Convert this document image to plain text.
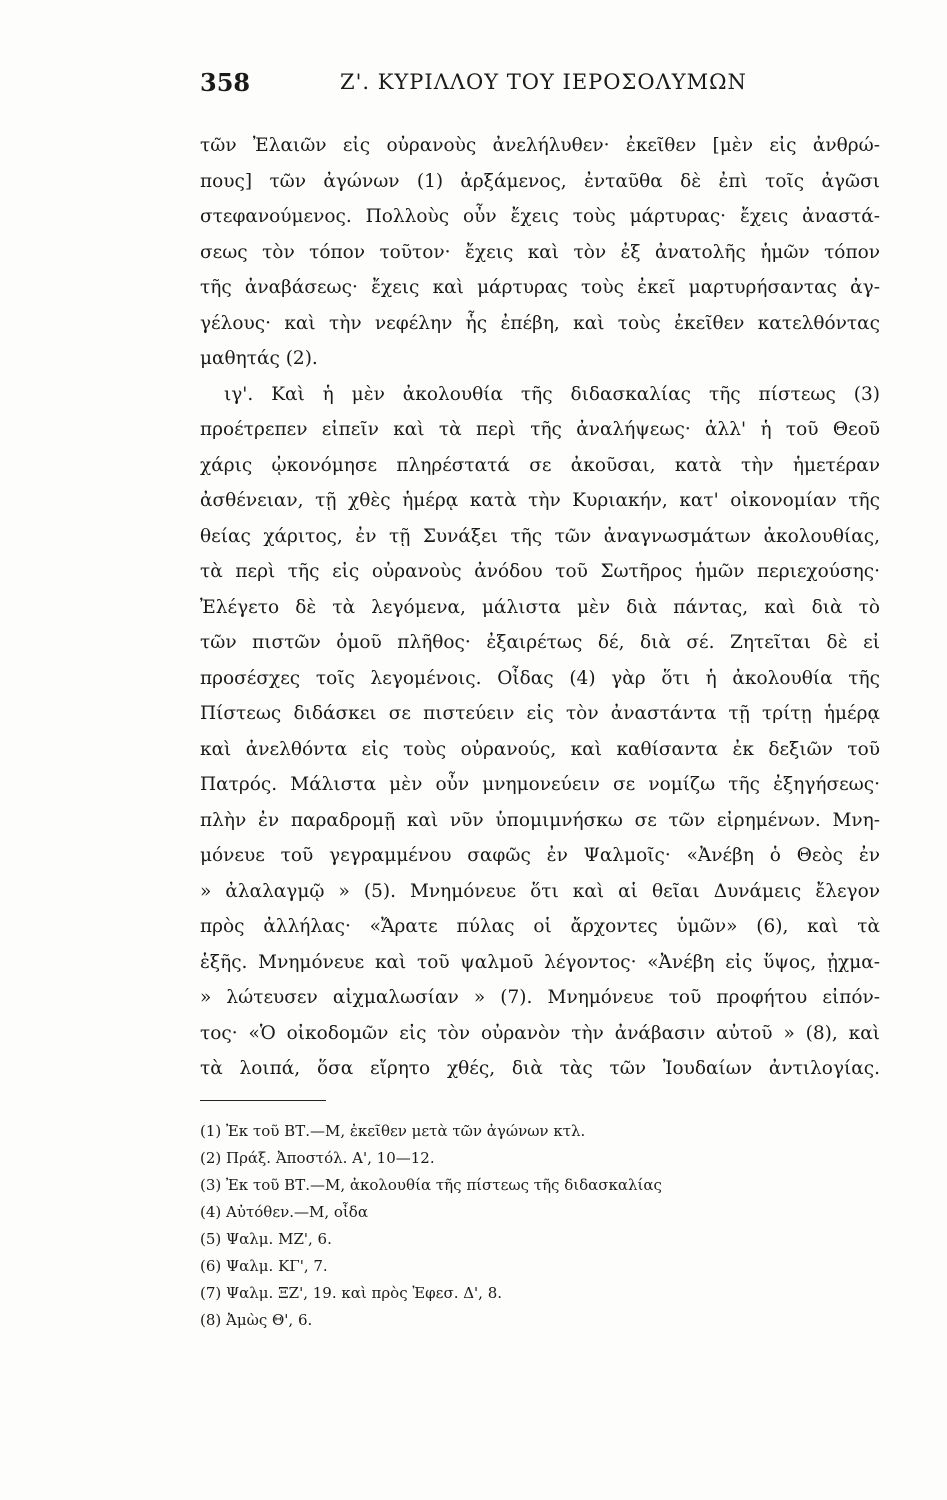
358	Ζ'. ΚΥΡΙΛΛΟΥ ΤΟΥ ΙΕΡΟΣΟΛΥΜΩΝ
τῶν Ἐλαιῶν εἰς οὐρανοὺς ἀνελήλυθεν· ἐκεῖθεν [μὲν εἰς ἀνθρώ-
πους] τῶν ἀγώνων (1) ἀρξάμενος, ἐνταῦθα δὲ ἐπὶ τοῖς ἀγῶσι
στεφανούμενος. Πολλοὺς οὖν ἔχεις τοὺς μάρτυρας· ἔχεις ἀναστά-
σεως τὸν τόπον τοῦτον· ἔχεις καὶ τὸν ἐξ ἀνατολῆς ἡμῶν τόπον
τῆς ἀναβάσεως· ἔχεις καὶ μάρτυρας τοὺς ἐκεῖ μαρτυρήσαντας ἀγ-
γέλους· καὶ τὴν νεφέλην ἧς ἐπέβη, καὶ τοὺς ἐκεῖθεν κατελθόντας
μαθητάς (2).
ιγ'. Καὶ ἡ μὲν ἀκολουθία τῆς διδασκαλίας τῆς πίστεως (3)
προέτρεπεν εἰπεῖν καὶ τὰ περὶ τῆς ἀναλήψεως· ἀλλ' ἡ τοῦ Θεοῦ
χάρις ᾠκονόμησε πληρέστατά σε ἀκοῦσαι, κατὰ τὴν ἡμετέραν
ἀσθένειαν, τῇ χθὲς ἡμέρᾳ κατὰ τὴν Κυριακήν, κατ' οἰκονομίαν τῆς
θείας χάριτος, ἐν τῇ Συνάξει τῆς τῶν ἀναγνωσμάτων ἀκολουθίας,
τὰ περὶ τῆς εἰς οὐρανοὺς ἀνόδου τοῦ Σωτῆρος ἡμῶν περιεχούσης·
Ἐλέγετο δὲ τὰ λεγόμενα, μάλιστα μὲν διὰ πάντας, καὶ διὰ τὸ
τῶν πιστῶν ὁμοῦ πλῆθος· ἐξαιρέτως δέ, διὰ σέ. Ζητεῖται δὲ εἰ
προσέσχες τοῖς λεγομένοις. Οἶδας (4) γὰρ ὅτι ἡ ἀκολουθία τῆς
Πίστεως διδάσκει σε πιστεύειν εἰς τὸν ἀναστάντα τῇ τρίτῃ ἡμέρᾳ
καὶ ἀνελθόντα εἰς τοὺς οὐρανούς, καὶ καθίσαντα ἐκ δεξιῶν τοῦ
Πατρός. Μάλιστα μὲν οὖν μνημονεύειν σε νομίζω τῆς ἐξηγήσεως·
πλὴν ἐν παραδρομῇ καὶ νῦν ὑπομιμνήσκω σε τῶν εἰρημένων. Μνη-
μόνευε τοῦ γεγραμμένου σαφῶς ἐν Ψαλμοῖς· «Ἀνέβη ὁ Θεὸς ἐν
» ἀλαλαγμῷ » (5). Μνημόνευε ὅτι καὶ αἱ θεῖαι Δυνάμεις ἔλεγον
πρὸς ἀλλήλας· «Ἄρατε πύλας οἱ ἄρχοντες ὑμῶν» (6), καὶ τὰ
ἑξῆς. Μνημόνευε καὶ τοῦ ψαλμοῦ λέγοντος· «Ἀνέβη εἰς ὕψος, ᾐχμα-
» λώτευσεν αἰχμαλωσίαν » (7). Μνημόνευε τοῦ προφήτου εἰπόν-
τος· «Ὁ οἰκοδομῶν εἰς τὸν οὐρανὸν τὴν ἀνάβασιν αὐτοῦ » (8), καὶ
τὰ λοιπά, ὅσα εἴρητο χθές, διὰ τὰς τῶν Ἰουδαίων ἀντιλογίας.
(1) Ἐκ τοῦ ΒΤ.—Μ, ἐκεῖθεν μετὰ τῶν ἀγώνων κτλ.
(2) Πράξ. Ἀποστόλ. Α', 10—12.
(3) Ἐκ τοῦ ΒΤ.—Μ, ἀκολουθία τῆς πίστεως τῆς διδασκαλίας
(4) Αὐτόθεν.—Μ, οἶδα
(5) Ψαλμ. ΜΖ', 6.
(6) Ψαλμ. ΚΓ', 7.
(7) Ψαλμ. ΞΖ', 19. καὶ πρὸς Ἐφεσ. Δ', 8.
(8) Ἀμὼς Θ', 6.
